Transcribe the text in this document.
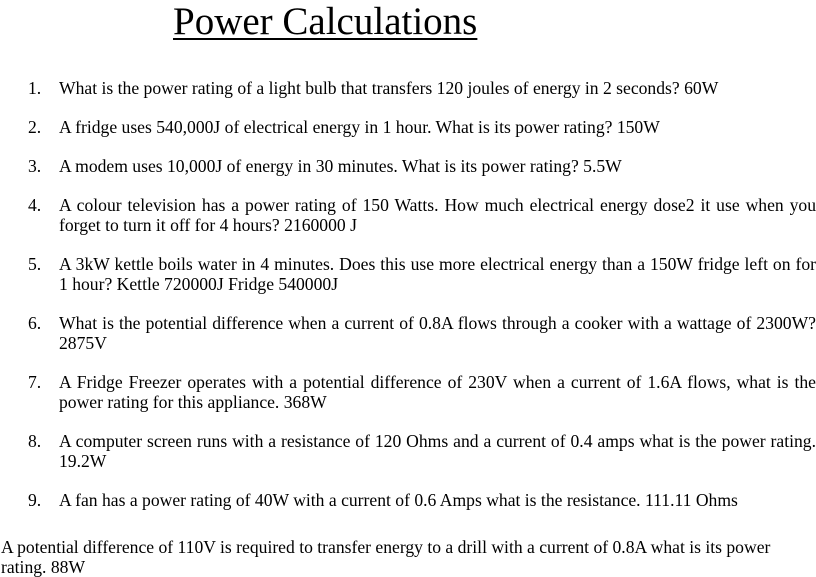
Power Calculations
1. What is the power rating of a light bulb that transfers 120 joules of energy in 2 seconds? 60W
2. A fridge uses 540,000J of electrical energy in 1 hour. What is its power rating? 150W
3. A modem uses 10,000J of energy in 30 minutes. What is its power rating? 5.5W
4. A colour television has a power rating of 150 Watts. How much electrical energy dose2 it use when you forget to turn it off for 4 hours? 2160000 J
5. A 3kW kettle boils water in 4 minutes. Does this use more electrical energy than a 150W fridge left on for 1 hour? Kettle 720000J Fridge 540000J
6. What is the potential difference when a current of 0.8A flows through a cooker with a wattage of 2300W? 2875V
7. A Fridge Freezer operates with a potential difference of 230V when a current of 1.6A flows, what is the power rating for this appliance. 368W
8. A computer screen runs with a resistance of 120 Ohms and a current of 0.4 amps what is the power rating. 19.2W
9. A fan has a power rating of 40W with a current of 0.6 Amps what is the resistance. 111.11 Ohms
A potential difference of 110V is required to transfer energy to a drill with a current of 0.8A what is its power rating. 88W
